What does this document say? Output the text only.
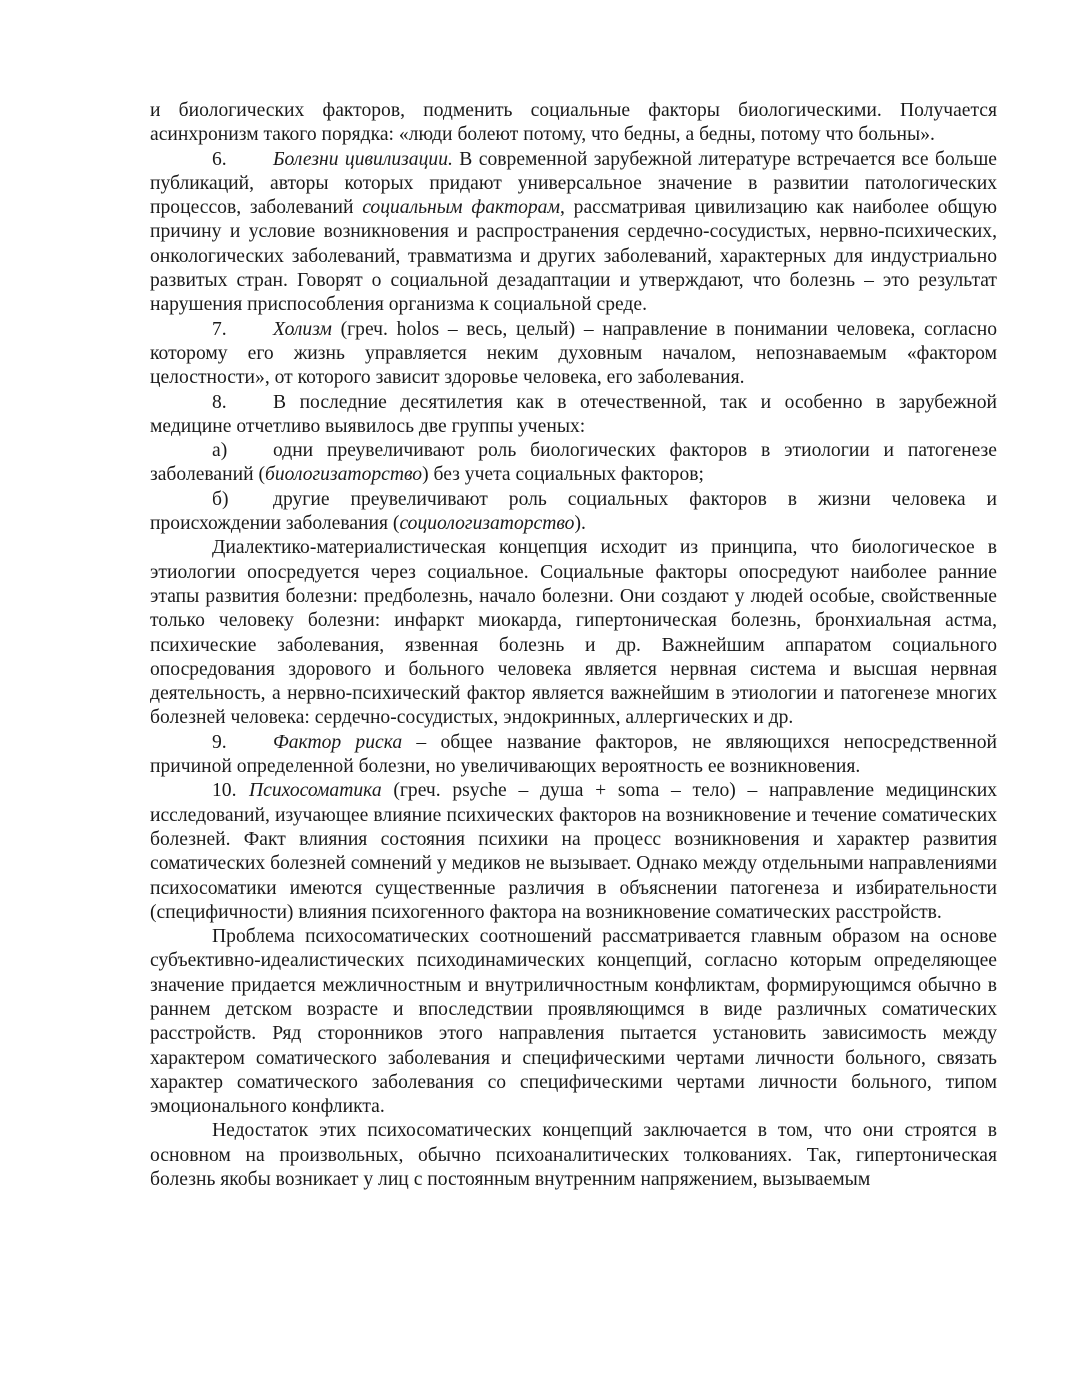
и биологических факторов, подменить социальные факторы биологическими. Получается асинхронизм такого порядка: «люди болеют потому, что бедны, а бедны, потому что больны».

6. Болезни цивилизации. В современной зарубежной литературе встречается все больше публикаций, авторы которых придают универсальное значение в развитии патологических процессов, заболеваний социальным факторам, рассматривая цивилизацию как наиболее общую причину и условие возникновения и распространения сердечно-сосудистых, нервно-психических, онкологических заболеваний, травматизма и других заболеваний, характерных для индустриально развитых стран. Говорят о социальной дезадаптации и утверждают, что болезнь – это результат нарушения приспособления организма к социальной среде.

7. Холизм (греч. holos – весь, целый) – направление в понимании человека, согласно которому его жизнь управляется неким духовным началом, непознаваемым «фактором целостности», от которого зависит здоровье человека, его заболевания.

8. В последние десятилетия как в отечественной, так и особенно в зарубежной медицине отчетливо выявилось две группы ученых:

а) одни преувеличивают роль биологических факторов в этиологии и патогенезе заболеваний (биологизаторство) без учета социальных факторов;

б) другие преувеличивают роль социальных факторов в жизни человека и происхождении заболевания (социологизаторство).

Диалектико-материалистическая концепция исходит из принципа, что биологическое в этиологии опосредуется через социальное. Социальные факторы опосредуют наиболее ранние этапы развития болезни: предболезнь, начало болезни. Они создают у людей особые, свойственные только человеку болезни: инфаркт миокарда, гипертоническая болезнь, бронхиальная астма, психические заболевания, язвенная болезнь и др. Важнейшим аппаратом социального опосредования здорового и больного человека является нервная система и высшая нервная деятельность, а нервно-психический фактор является важнейшим в этиологии и патогенезе многих болезней человека: сердечно-сосудистых, эндокринных, аллергических и др.

9. Фактор риска – общее название факторов, не являющихся непосредственной причиной определенной болезни, но увеличивающих вероятность ее возникновения.

10. Психосоматика (греч. psyche – душа + soma – тело) – направление медицинских исследований, изучающее влияние психических факторов на возникновение и течение соматических болезней. Факт влияния состояния психики на процесс возникновения и характер развития соматических болезней сомнений у медиков не вызывает. Однако между отдельными направлениями психосоматики имеются существенные различия в объяснении патогенеза и избирательности (специфичности) влияния психогенного фактора на возникновение соматических расстройств.

Проблема психосоматических соотношений рассматривается главным образом на основе субъективно-идеалистических психодинамических концепций, согласно которым определяющее значение придается межличностным и внутриличностным конфликтам, формирующимся обычно в раннем детском возрасте и впоследствии проявляющимся в виде различных соматических расстройств. Ряд сторонников этого направления пытается установить зависимость между характером соматического заболевания и специфическими чертами личности больного, связать характер соматического заболевания со специфическими чертами личности больного, типом эмоционального конфликта.

Недостаток этих психосоматических концепций заключается в том, что они строятся в основном на произвольных, обычно психоаналитических толкованиях. Так, гипертоническая болезнь якобы возникает у лиц с постоянным внутренним напряжением, вызываемым
